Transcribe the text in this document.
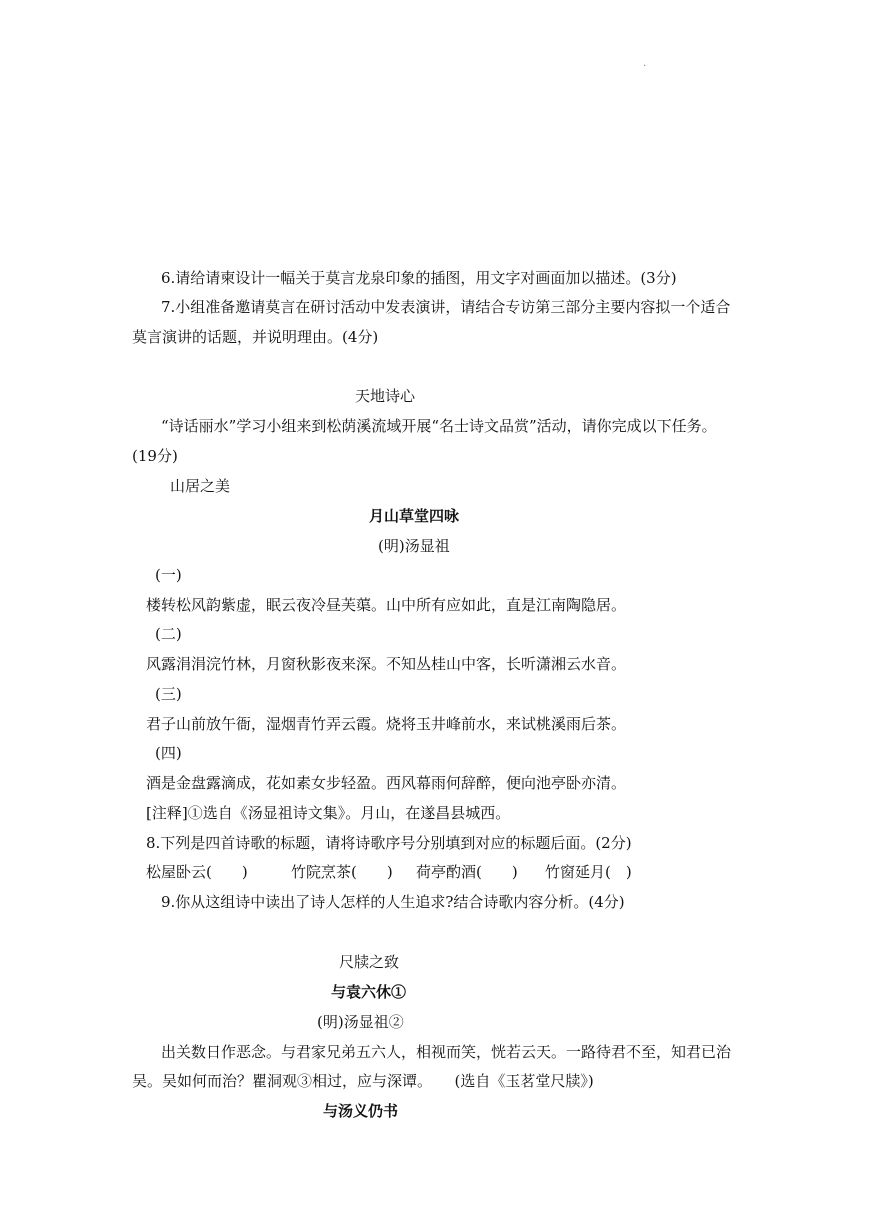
.
6.请给请柬设计一幅关于莫言龙泉印象的插图，用文字对画面加以描述。(3分)
7.小组准备邀请莫言在研讨活动中发表演讲，请结合专访第三部分主要内容拟一个适合
莫言演讲的话题，并说明理由。(4分)
天地诗心
“诗话丽水”学习小组来到松荫溪流域开展“名士诗文品赏”活动，请你完成以下任务。
(19分)
山居之美
月山草堂四咏
(明)汤显祖
(一)
楼转松风韵紫虚，眠云夜冷昼芙蕖。山中所有应如此，直是江南陶隐居。
(二)
风露涓涓浣竹林，月窗秋影夜来深。不知丛桂山中客，长听潇湘云水音。
(三)
君子山前放午衙，湿烟青竹弄云霞。烧将玉井峰前水，来试桃溪雨后茶。
(四)
酒是金盘露滴成，花如素女步轻盈。西风幕雨何辞醉，便向池亭卧亦清。
[注释]①选自《汤显祖诗文集》。月山，在遂昌县城西。
8.下列是四首诗歌的标题，请将诗歌序号分别填到对应的标题后面。(2分)
松屋卧云(　　)	竹院烹茶(　　) 荷亭酌酒(　　) 竹窗延月(　)
9.你从这组诗中读出了诗人怎样的人生追求?结合诗歌内容分析。(4分)
尺牍之致
与袁六休①
(明)汤显祖②
出关数日作恶念。与君家兄弟五六人，相视而笑，恍若云天。一路待君不至，知君已治
吴。吴如何而治？瞿洞观③相过，应与深谭。　　(选自《玉茗堂尺牍》)
与汤义仍书
